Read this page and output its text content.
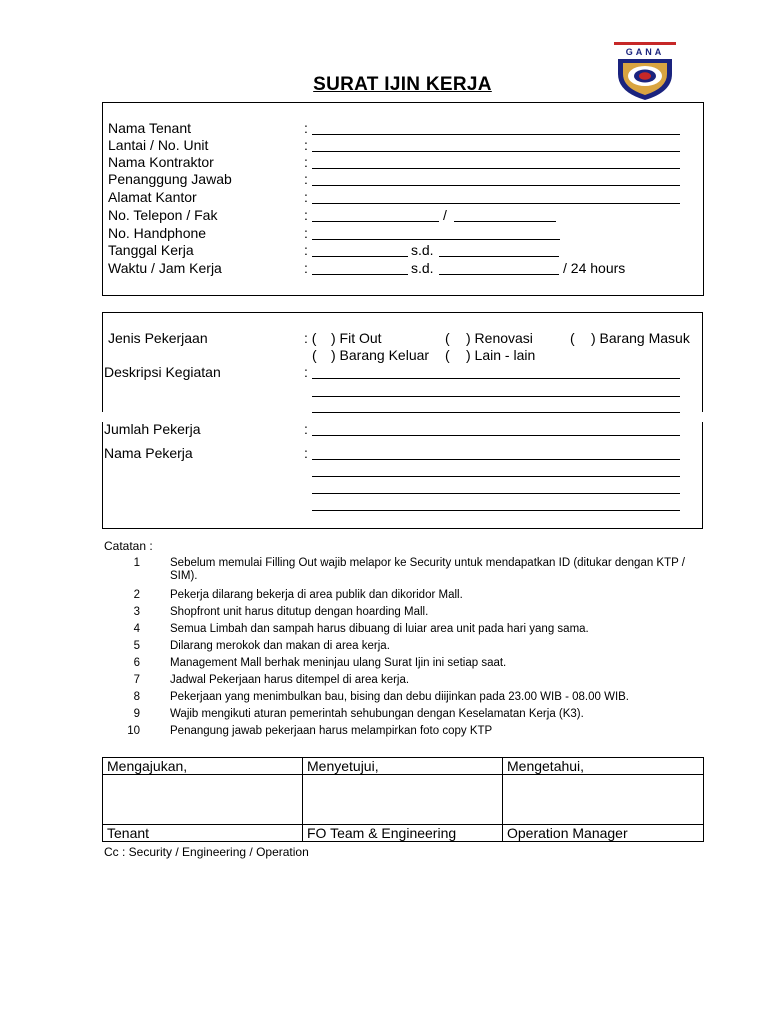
SURAT IJIN KERJA
GANA
Nama Tenant	:
Lantai / No. Unit	:
Nama Kontraktor	:
Penanggung Jawab	:
Alamat Kantor	:
No. Telepon / Fak	:	/
No. Handphone	:
Tanggal Kerja	:	s.d.
Waktu / Jam Kerja	:	s.d.	/ 24 hours
Jenis Pekerjaan	: ( ) Fit Out	( ) Renovasi	( ) Barang Masuk
( ) Barang Keluar ( ) Lain - lain
Deskripsi Kegiatan	:
Jumlah Pekerja	:
Nama Pekerja	:
Catatan :
1	Sebelum memulai Filling Out wajib melapor ke Security untuk mendapatkan ID (ditukar dengan KTP / SIM).
2	Pekerja dilarang bekerja di area publik dan dikoridor Mall.
3	Shopfront unit harus ditutup dengan hoarding Mall.
4	Semua Limbah dan sampah harus dibuang di luiar area unit pada hari yang sama.
5	Dilarang merokok dan makan di area kerja.
6	Management Mall berhak meninjau ulang Surat Ijin ini setiap saat.
7	Jadwal Pekerjaan harus ditempel di area kerja.
8	Pekerjaan yang menimbulkan bau, bising dan debu diijinkan pada 23.00 WIB - 08.00 WIB.
9	Wajib mengikuti aturan pemerintah sehubungan dengan Keselamatan Kerja (K3).
10	Penangung jawab pekerjaan harus melampirkan foto copy KTP
Mengajukan,	Menyetujui,	Mengetahui,

Tenant	FO Team & Engineering	Operation Manager
Cc : Security / Engineering / Operation
